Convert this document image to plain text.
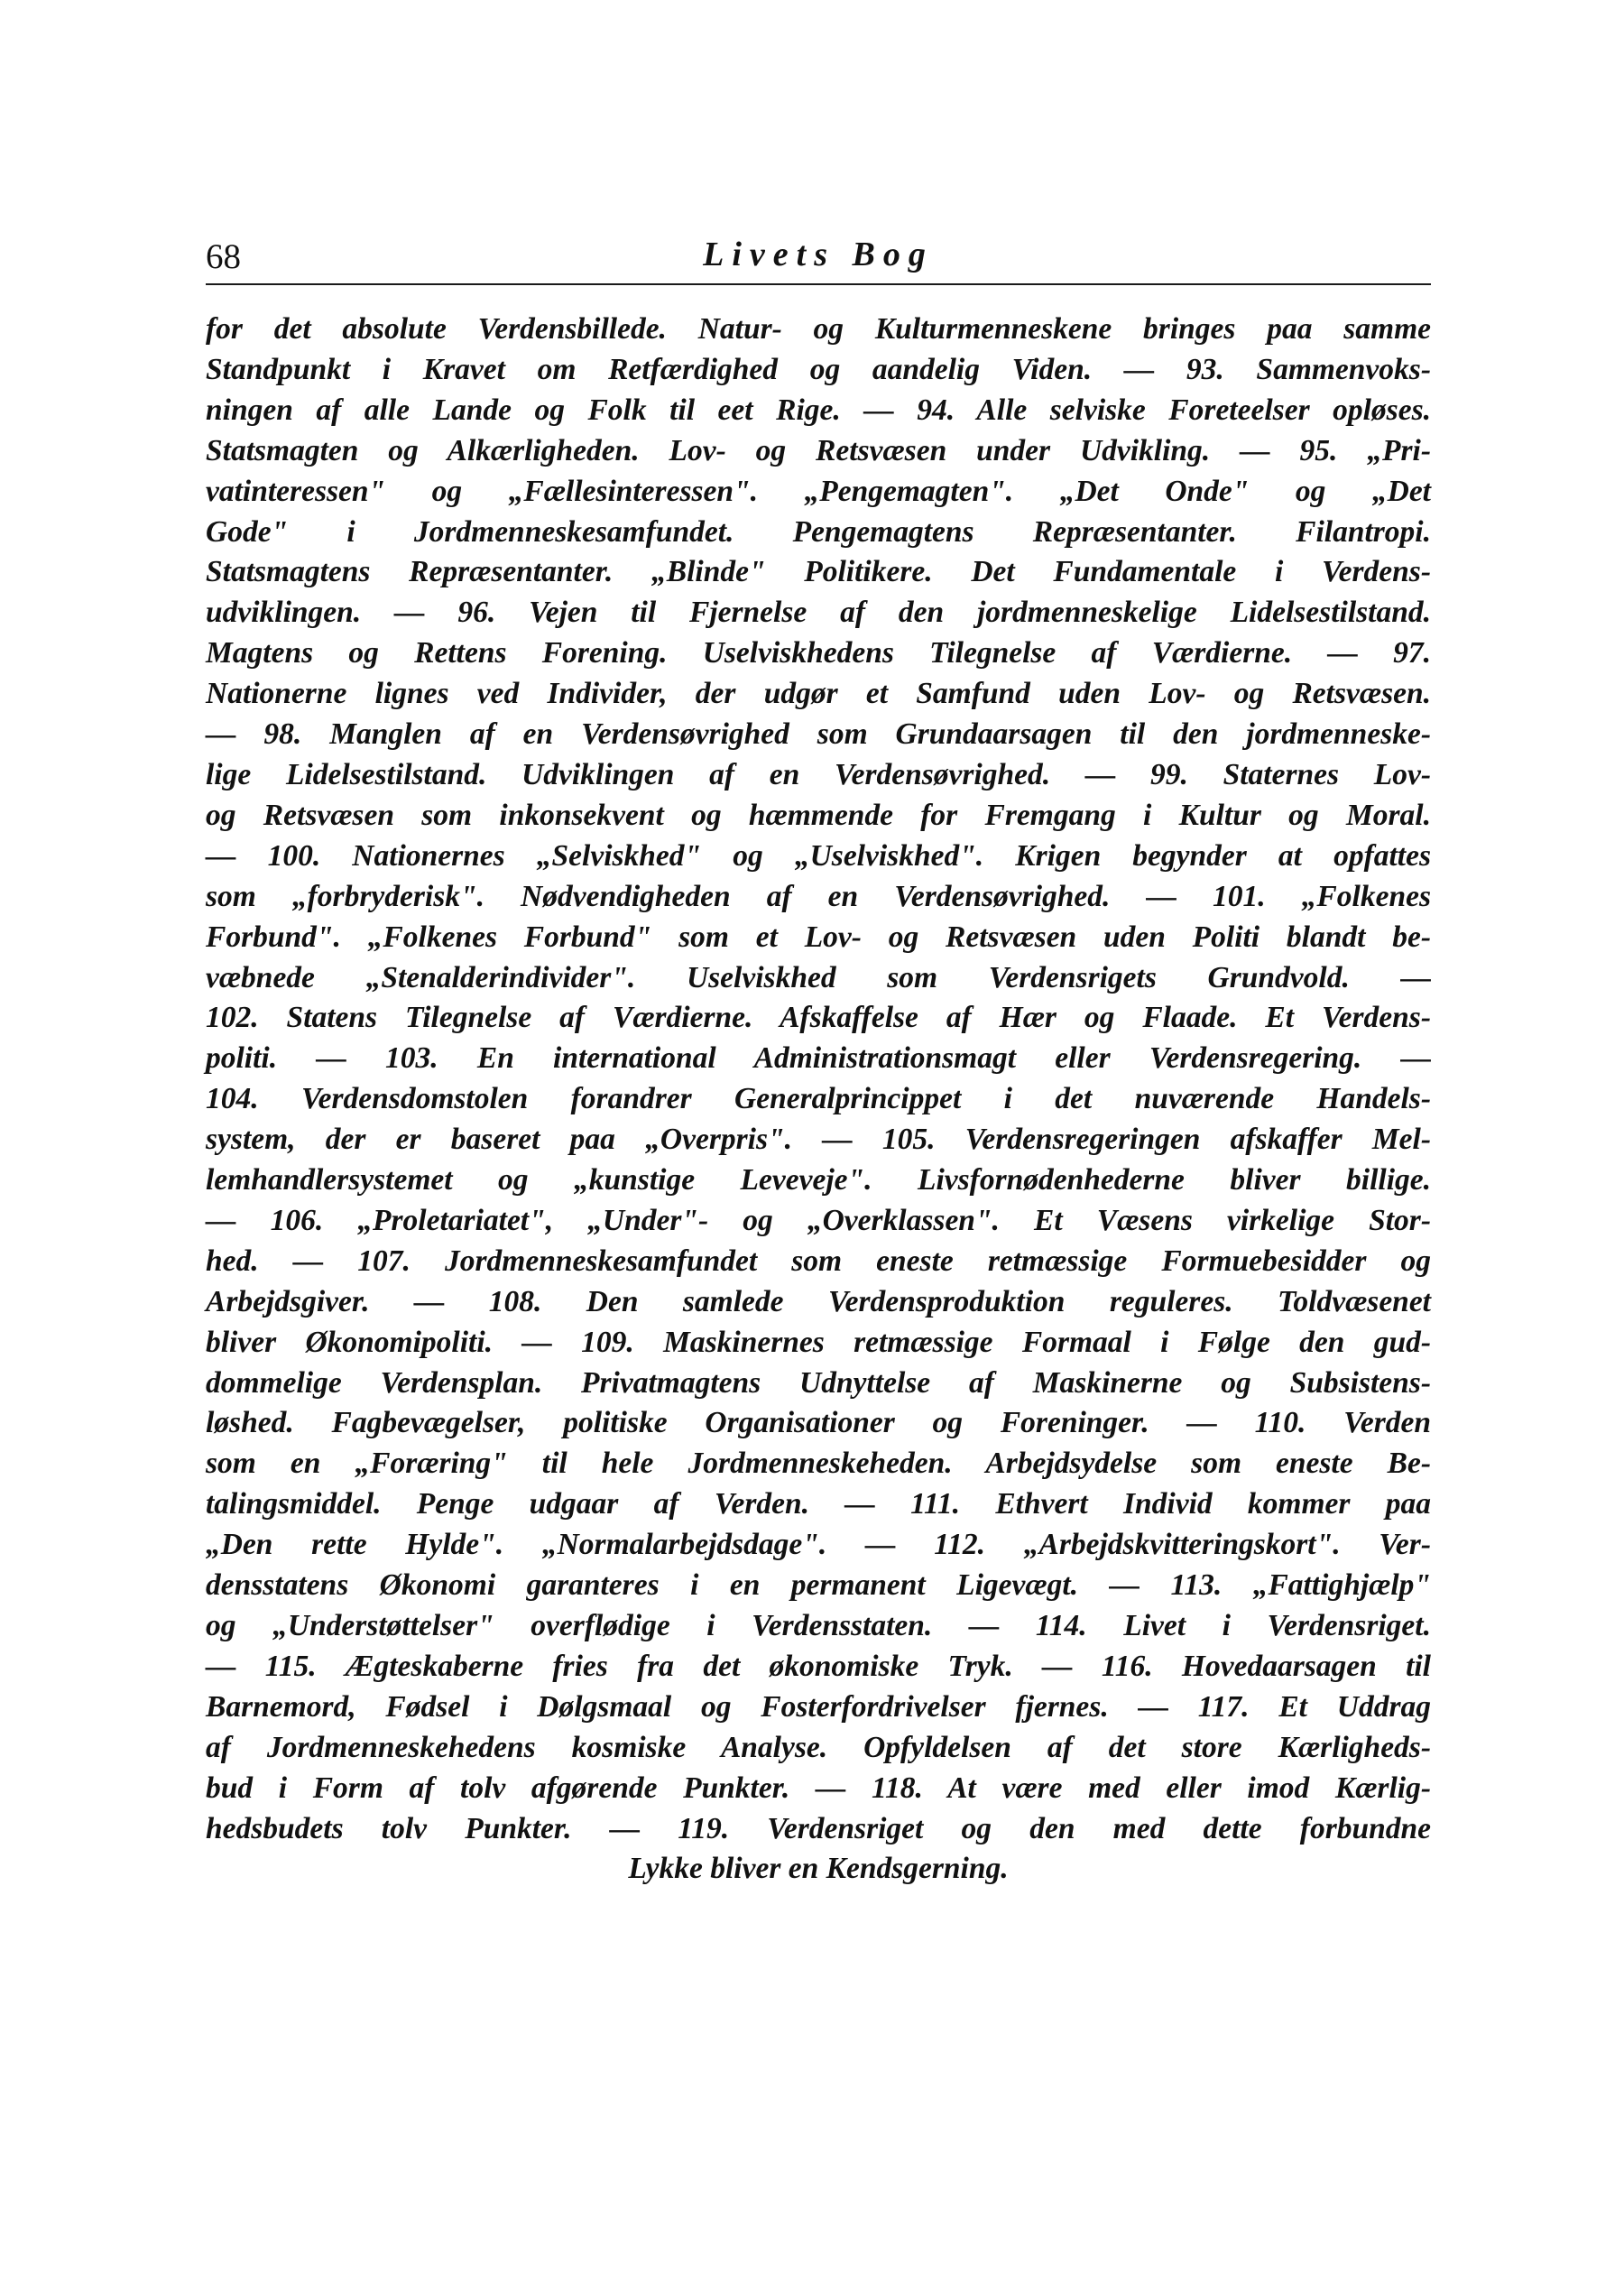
68	Livets Bog
for det absolute Verdensbillede. Natur- og Kulturmenneskene bringes paa samme
Standpunkt i Kravet om Retfærdighed og aandelig Viden. — 93. Sammenvoks-
ningen af alle Lande og Folk til eet Rige. — 94. Alle selviske Foreteelser opløses.
Statsmagten og Alkærligheden. Lov- og Retsvæsen under Udvikling. — 95. „Pri-
vatinteressen" og „Fællesinteressen". „Pengemagten". „Det Onde" og „Det
Gode" i Jordmenneskesamfundet. Pengemagtens Repræsentanter. Filantropi.
Statsmagtens Repræsentanter. „Blinde" Politikere. Det Fundamentale i Verdens-
udviklingen. — 96. Vejen til Fjernelse af den jordmenneskelige Lidelsestilstand.
Magtens og Rettens Forening. Uselviskhedens Tilegnelse af Værdierne. — 97.
Nationerne lignes ved Individer, der udgør et Samfund uden Lov- og Retsvæsen.
— 98. Manglen af en Verdensøvrighed som Grundaarsagen til den jordmenneske-
lige Lidelsestilstand. Udviklingen af en Verdensøvrighed. — 99. Staternes Lov-
og Retsvæsen som inkonsekvent og hæmmende for Fremgang i Kultur og Moral.
— 100. Nationernes „Selviskhed" og „Uselviskhed". Krigen begynder at opfattes
som „forbryderisk". Nødvendigheden af en Verdensøvrighed. — 101. „Folkenes
Forbund". „Folkenes Forbund" som et Lov- og Retsvæsen uden Politi blandt be-
væbnede „Stenalderindivider". Uselviskhed som Verdensrigets Grundvold. —
102. Statens Tilegnelse af Værdierne. Afskaffelse af Hær og Flaade. Et Verdens-
politi. — 103. En international Administrationsmagt eller Verdensregering. —
104. Verdensdomstolen forandrer Generalprincippet i det nuværende Handels-
system, der er baseret paa „Overpris". — 105. Verdensregeringen afskaffer Mel-
lemhandlersystemet og „kunstige Leveveje". Livsfornødenhederne bliver billige.
— 106. „Proletariatet", „Under"- og „Overklassen". Et Væsens virkelige Stor-
hed. — 107. Jordmenneskesamfundet som eneste retmæssige Formuebesidder og
Arbejdsgiver. — 108. Den samlede Verdensproduktion reguleres. Toldvæsenet
bliver Økonomipoliti. — 109. Maskinernes retmæssige Formaal i Følge den gud-
dommelige Verdensplan. Privatmagtens Udnyttelse af Maskinerne og Subsistens-
løshed. Fagbevægelser, politiske Organisationer og Foreninger. — 110. Verden
som en „Foræring" til hele Jordmenneskeheden. Arbejdsydelse som eneste Be-
talingsmiddel. Penge udgaar af Verden. — 111. Ethvert Individ kommer paa
„Den rette Hylde". „Normalarbejdsdage". — 112. „Arbejdskvitteringskort". Ver-
densstatens Økonomi garanteres i en permanent Ligevægt. — 113. „Fattighjælp"
og „Understøttelser" overflødige i Verdensstaten. — 114. Livet i Verdensriget.
— 115. Ægteskaberne fries fra det økonomiske Tryk. — 116. Hovedaarsagen til
Barnemord, Fødsel i Dølgsmaal og Fosterfordrivelser fjernes. — 117. Et Uddrag
af Jordmenneskehedens kosmiske Analyse. Opfyldelsen af det store Kærligheds-
bud i Form af tolv afgørende Punkter. — 118. At være med eller imod Kærlig-
hedsbudets tolv Punkter. — 119. Verdensriget og den med dette forbundne
Lykke bliver en Kendsgerning.
